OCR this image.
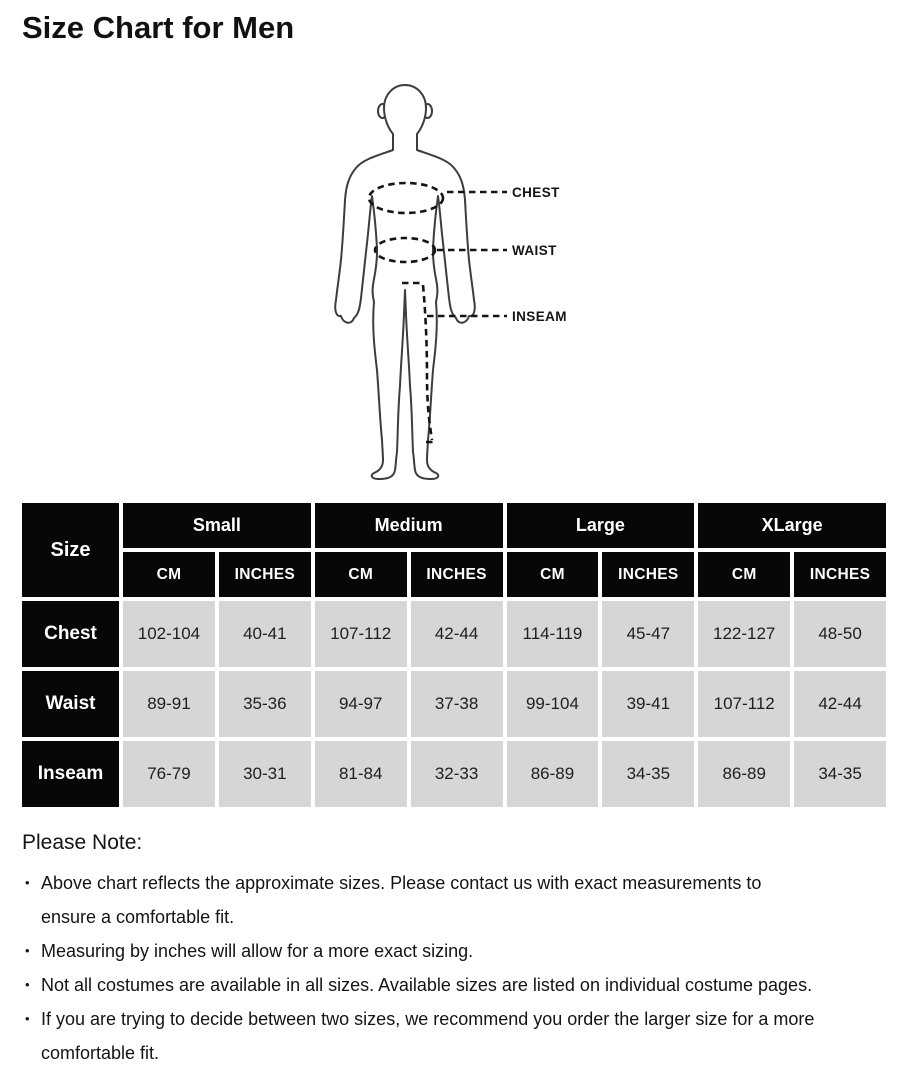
Size Chart for Men
CHEST
WAIST
INSEAM
Size
Small	Medium	Large	XLarge
CM	INCHES	CM	INCHES	CM	INCHES	CM	INCHES
Chest	102-104	40-41	107-112	42-44	114-119	45-47	122-127	48-50
Waist	89-91	35-36	94-97	37-38	99-104	39-41	107-112	42-44
Inseam	76-79	30-31	81-84	32-33	86-89	34-35	86-89	34-35
Please Note:
• Above chart reflects the approximate sizes. Please contact us with exact measurements to ensure a comfortable fit.
• Measuring by inches will allow for a more exact sizing.
• Not all costumes are available in all sizes. Available sizes are listed on individual costume pages.
• If you are trying to decide between two sizes, we recommend you order the larger size for a more comfortable fit.
